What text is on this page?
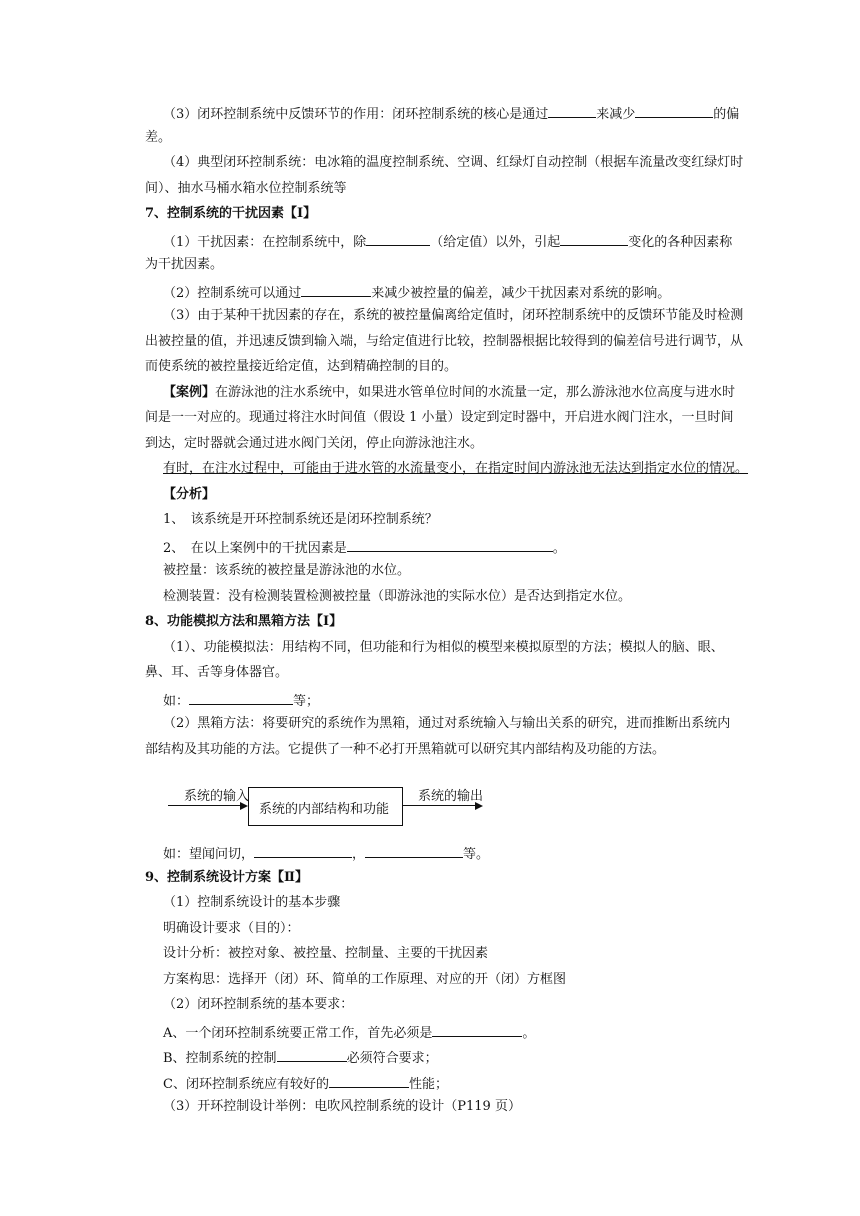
（3）闭环控制系统中反馈环节的作用：闭环控制系统的核心是通过	来减少	的偏
差。
（4）典型闭环控制系统：电冰箱的温度控制系统、空调、红绿灯自动控制（根据车流量改变红绿灯时
间）、抽水马桶水箱水位控制系统等
7、控制系统的干扰因素【Ⅰ】
（1）干扰因素：在控制系统中，除	（给定值）以外，引起	变化的各种因素称
为干扰因素。
（2）控制系统可以通过	来减少被控量的偏差，减少干扰因素对系统的影响。
（3）由于某种干扰因素的存在，系统的被控量偏离给定值时，闭环控制系统中的反馈环节能及时检测
出被控量的值，并迅速反馈到输入端，与给定值进行比较，控制器根据比较得到的偏差信号进行调节，从
而使系统的被控量接近给定值，达到精确控制的目的。
【案例】在游泳池的注水系统中，如果进水管单位时间的水流量一定，那么游泳池水位高度与进水时
间是一一对应的。现通过将注水时间值（假设 1 小量）设定到定时器中，开启进水阀门注水，一旦时间
到达，定时器就会通过进水阀门关闭，停止向游泳池注水。
有时，在注水过程中，可能由于进水管的水流量变小，在指定时间内游泳池无法达到指定水位的情况。
【分析】
1、　该系统是开环控制系统还是闭环控制系统？
2、　在以上案例中的干扰因素是	。
被控量：该系统的被控量是游泳池的水位。
检测装置：没有检测装置检测被控量（即游泳池的实际水位）是否达到指定水位。
8、功能模拟方法和黑箱方法【Ⅰ】
（1）、功能模拟法：用结构不同，但功能和行为相似的模型来模拟原型的方法；模拟人的脑、眼、
鼻、耳、舌等身体器官。
如：	等；
（2）黑箱方法：将要研究的系统作为黑箱，通过对系统输入与输出关系的研究，进而推断出系统内
部结构及其功能的方法。它提供了一种不必打开黑箱就可以研究其内部结构及功能的方法。
系统的输入
系统的内部结构和功能
系统的输出
如：望闻问切，	，	等。
9、控制系统设计方案【Ⅱ】
（1）控制系统设计的基本步骤
明确设计要求（目的）：
设计分析：被控对象、被控量、控制量、主要的干扰因素
方案构思：选择开（闭）环、简单的工作原理、对应的开（闭）方框图
（2）闭环控制系统的基本要求：
A、一个闭环控制系统要正常工作，首先必须是	。
B、控制系统的控制	必须符合要求；
C、闭环控制系统应有较好的	性能；
（3）开环控制设计举例：电吹风控制系统的设计（P119 页）
